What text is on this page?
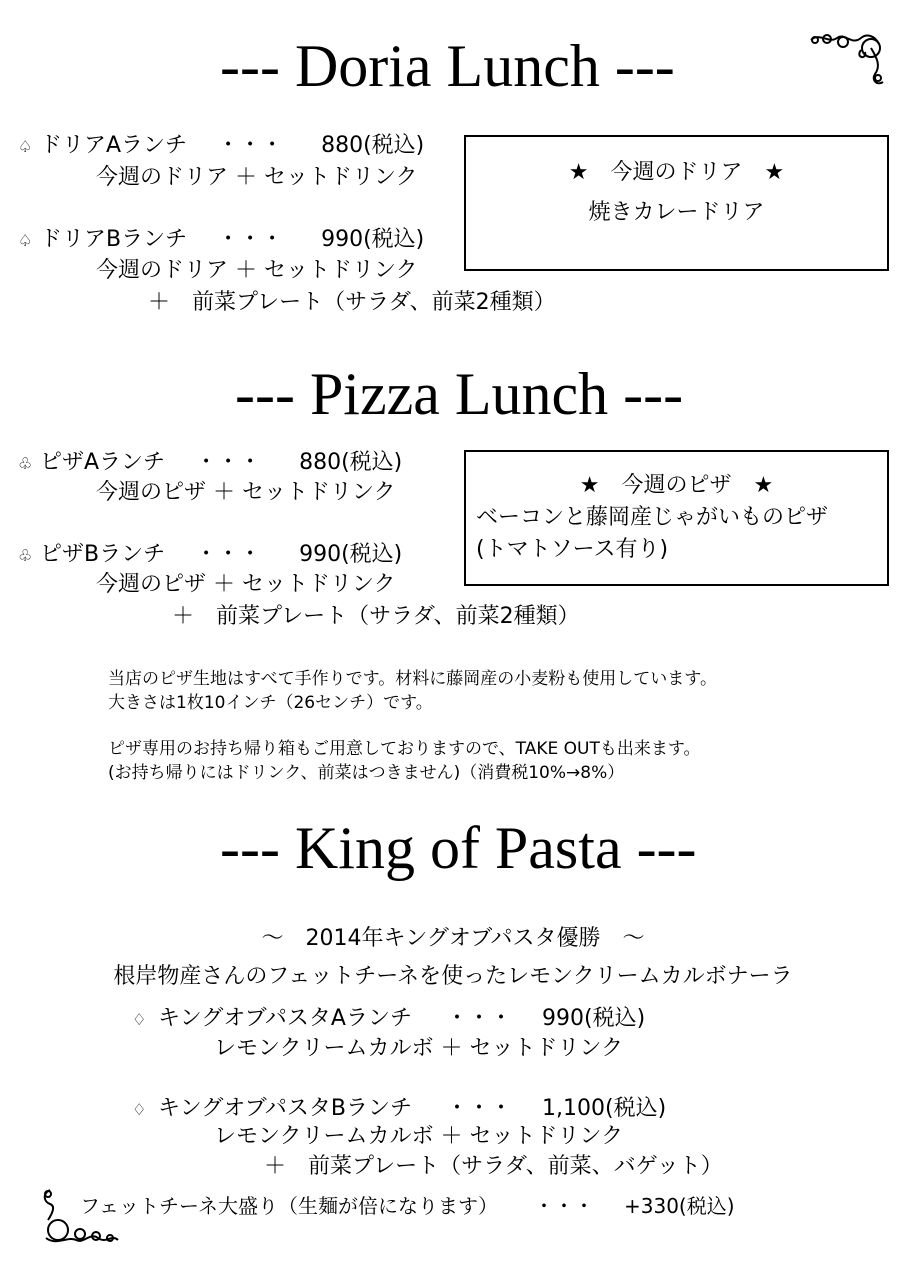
--- Doria Lunch ---
♤ ドリアAランチ ・・・ 880(税込)
今週のドリア ＋ セットドリンク
♤ ドリアBランチ ・・・ 990(税込)
今週のドリア ＋ セットドリンク
＋　前菜プレート（サラダ、前菜2種類）
★　今週のドリア　★
焼きカレードリア
--- Pizza Lunch ---
♧ ピザAランチ ・・・ 880(税込)
今週のピザ ＋ セットドリンク
♧ ピザBランチ ・・・ 990(税込)
今週のピザ ＋ セットドリンク
＋　前菜プレート（サラダ、前菜2種類）
★　今週のピザ　★
ベーコンと藤岡産じゃがいものピザ
(トマトソース有り)
当店のピザ生地はすべて手作りです。材料に藤岡産の小麦粉も使用しています。
大きさは1枚10インチ（26センチ）です。
ピザ専用のお持ち帰り箱もご用意しておりますので、TAKE OUTも出来ます。
(お持ち帰りにはドリンク、前菜はつきません)（消費税10%→8%）
--- King of Pasta ---
～　2014年キングオブパスタ優勝　～
根岸物産さんのフェットチーネを使ったレモンクリームカルボナーラ
♢ キングオブパスタAランチ ・・・ 990(税込)
レモンクリームカルボ ＋ セットドリンク
♢ キングオブパスタBランチ ・・・ 1,100(税込)
レモンクリームカルボ ＋ セットドリンク
＋　前菜プレート（サラダ、前菜、バゲット）
フェットチーネ大盛り（生麺が倍になります） ・・・ +330(税込)
